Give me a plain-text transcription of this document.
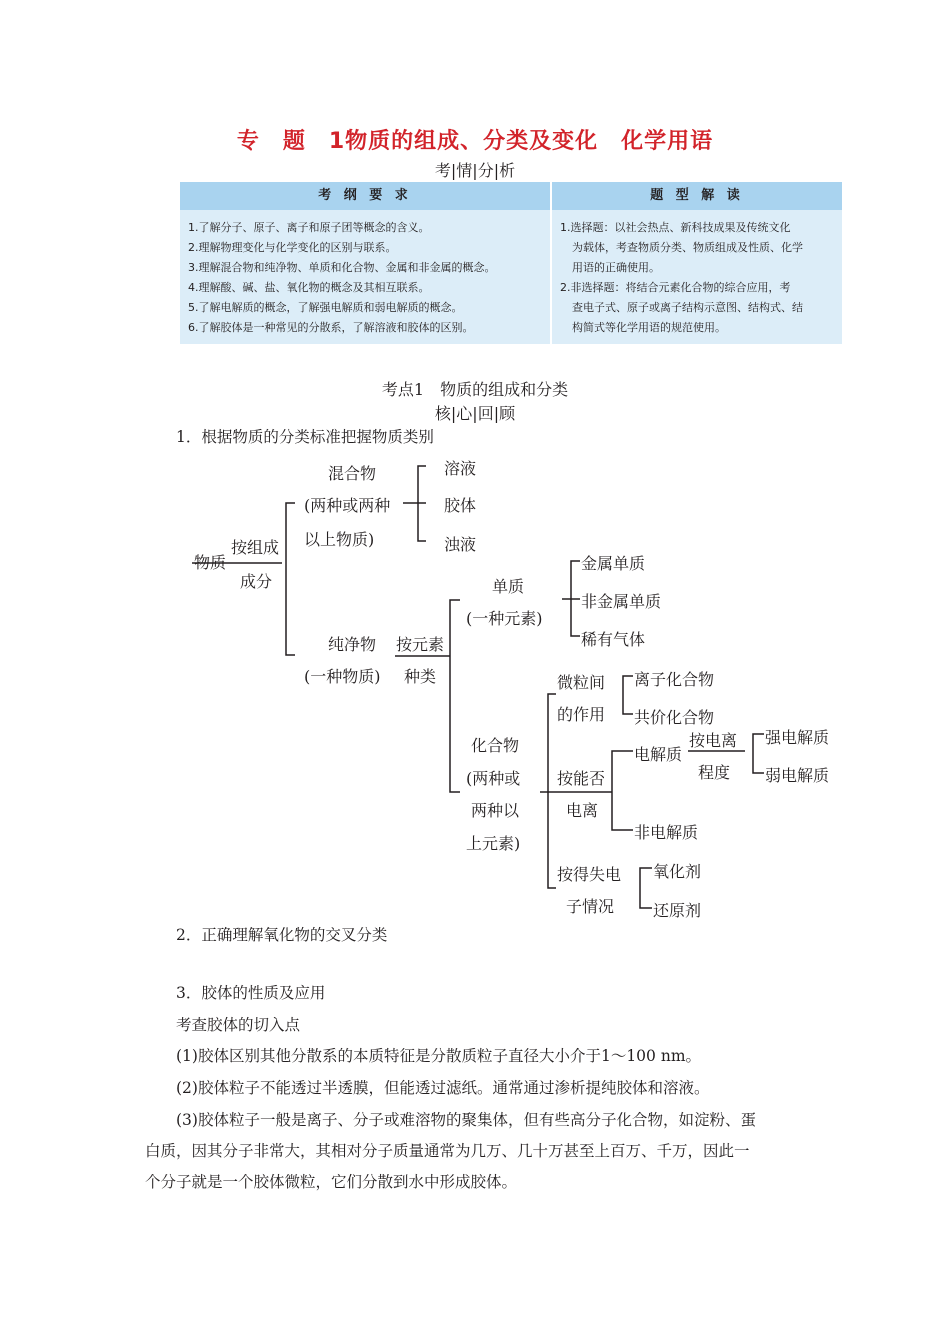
专　题　1物质的组成、分类及变化　化学用语
考|情|分|析
考 纲 要 求	题 型 解 读
1.了解分子、原子、离子和原子团等概念的含义。
2.理解物理变化与化学变化的区别与联系。
3.理解混合物和纯净物、单质和化合物、金属和非金属的概念。
4.理解酸、碱、盐、氧化物的概念及其相互联系。
5.了解电解质的概念，了解强电解质和弱电解质的概念。
6.了解胶体是一种常见的分散系，了解溶液和胶体的区别。
1.选择题：以社会热点、新科技成果及传统文化
为载体，考查物质分类、物质组成及性质、化学
用语的正确使用。
2.非选择题：将结合元素化合物的综合应用，考
查电子式、原子或离子结构示意图、结构式、结
构简式等化学用语的规范使用。
考点1　物质的组成和分类
核|心|回|顾
1．根据物质的分类标准把握物质类别
物质
按组成
成分
混合物
(两种或两种
以上物质)
溶液
胶体
浊液
纯净物
(一种物质)
按元素
种类
单质
(一种元素)
金属单质
非金属单质
稀有气体
化合物
(两种或
两种以
上元素)
微粒间
的作用
离子化合物
共价化合物
按能否
电离
电解质
按电离
程度
强电解质
弱电解质
非电解质
按得失电
子情况
氧化剂
还原剂
2．正确理解氧化物的交叉分类
3．胶体的性质及应用
考查胶体的切入点
(1)胶体区别其他分散系的本质特征是分散质粒子直径大小介于1～100 nm。
(2)胶体粒子不能透过半透膜，但能透过滤纸。通常通过渗析提纯胶体和溶液。
(3)胶体粒子一般是离子、分子或难溶物的聚集体，但有些高分子化合物，如淀粉、蛋
白质，因其分子非常大，其相对分子质量通常为几万、几十万甚至上百万、千万，因此一
个分子就是一个胶体微粒，它们分散到水中形成胶体。
